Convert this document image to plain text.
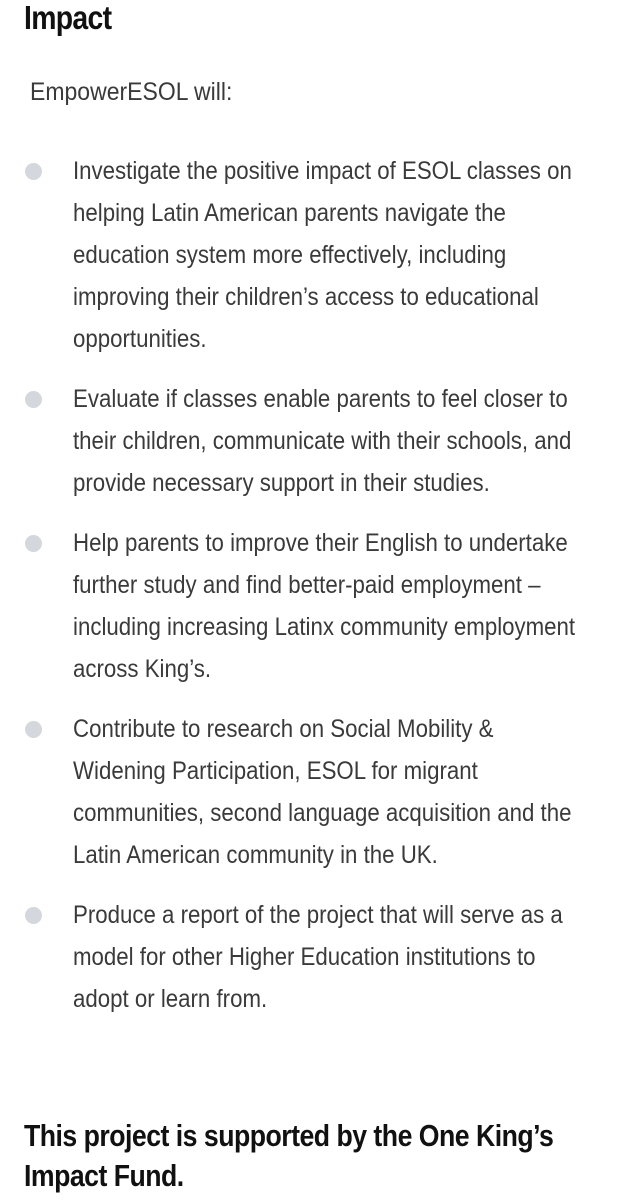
Impact

EmpowerESOL will:

Investigate the positive impact of ESOL classes on helping Latin American parents navigate the education system more effectively, including improving their children’s access to educational opportunities.
Evaluate if classes enable parents to feel closer to their children, communicate with their schools, and provide necessary support in their studies.
Help parents to improve their English to undertake further study and find better-paid employment – including increasing Latinx community employment across King’s.
Contribute to research on Social Mobility & Widening Participation, ESOL for migrant communities, second language acquisition and the Latin American community in the UK.
Produce a report of the project that will serve as a model for other Higher Education institutions to adopt or learn from.

This project is supported by the One King’s Impact Fund.
